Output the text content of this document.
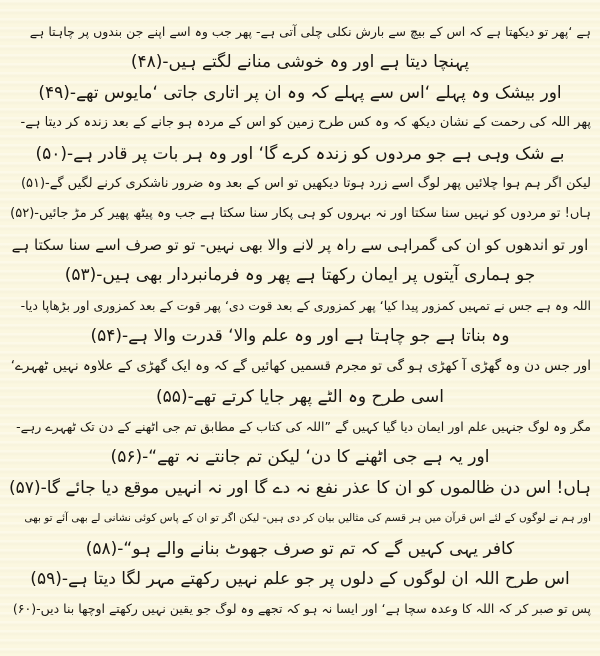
ہے ‘پھر تو دیکھتا ہے کہ اس کے بیچ سے بارش نکلی چلی آتی ہے- پھر جب وہ اسے اپنے جن بندوں پر چاہتا ہے
پہنچا دیتا ہے اور وہ خوشی منانے لگتے ہیں-(۴۸)
اور بیشک وہ پہلے ‘اس سے پہلے کہ وہ ان پر اتاری جاتی ‘مایوس تھے-(۴۹)
پھر اللہ کی رحمت کے نشان دیکھ کہ وہ کس طرح زمین کو اس کے مردہ ہو جانے کے بعد زندہ کر دیتا ہے-
بے شک وہی ہے جو مردوں کو زندہ کرے گا‘ اور وہ ہر بات پر قادر ہے-(۵۰)
لیکن اگر ہم ہوا چلائیں پھر لوگ اسے زرد ہوتا دیکھیں تو اس کے بعد وہ ضرور ناشکری کرنے لگیں گے-(۵۱)
ہاں! تو مردوں کو نہیں سنا سکتا اور نہ بہروں کو ہی پکار سنا سکتا ہے جب وہ پیٹھ پھیر کر مڑ جائیں-(۵۲)
اور تو اندھوں کو ان کی گمراہی سے راہ پر لانے والا بھی نہیں- تو تو صرف اسے سنا سکتا ہے
جو ہماری آیتوں پر ایمان رکھتا ہے پھر وہ فرمانبردار بھی ہیں-(۵۳)
اللہ وہ ہے جس نے تمہیں کمزور پیدا کیا‘ پھر کمزوری کے بعد قوت دی‘ پھر قوت کے بعد کمزوری اور بڑھاپا دیا-
وہ بناتا ہے جو چاہتا ہے اور وہ علم والا‘ قدرت والا ہے-(۵۴)
اور جس دن وہ گھڑی آ کھڑی ہو گی تو مجرم قسمیں کھائیں گے کہ وہ ایک گھڑی کے علاوہ نہیں ٹھہرے‘
اسی طرح وہ الٹے پھر جایا کرتے تھے-(۵۵)
مگر وہ لوگ جنہیں علم اور ایمان دیا گیا کہیں گے ”اللہ کی کتاب کے مطابق تم جی اٹھنے کے دن تک ٹھہرے رہے-
اور یہ ہے جی اٹھنے کا دن‘ لیکن تم جانتے نہ تھے“-(۵۶)
ہاں! اس دن ظالموں کو ان کا عذر نفع نہ دے گا اور نہ انہیں موقع دیا جائے گا-(۵۷)
اور ہم نے لوگوں کے لئے اس قرآن میں ہر قسم کی مثالیں بیان کر دی ہیں- لیکن اگر تو ان کے پاس کوئی نشانی لے بھی آئے تو بھی
کافر یہی کہیں گے کہ تم تو صرف جھوٹ بنانے والے ہو“-(۵۸)
اس طرح اللہ ان لوگوں کے دلوں پر جو علم نہیں رکھتے مہر لگا دیتا ہے-(۵۹)
پس تو صبر کر کہ اللہ کا وعدہ سچا ہے‘ اور ایسا نہ ہو کہ تجھے وہ لوگ جو یقین نہیں رکھتے اوچھا بنا دیں-(۶۰)
